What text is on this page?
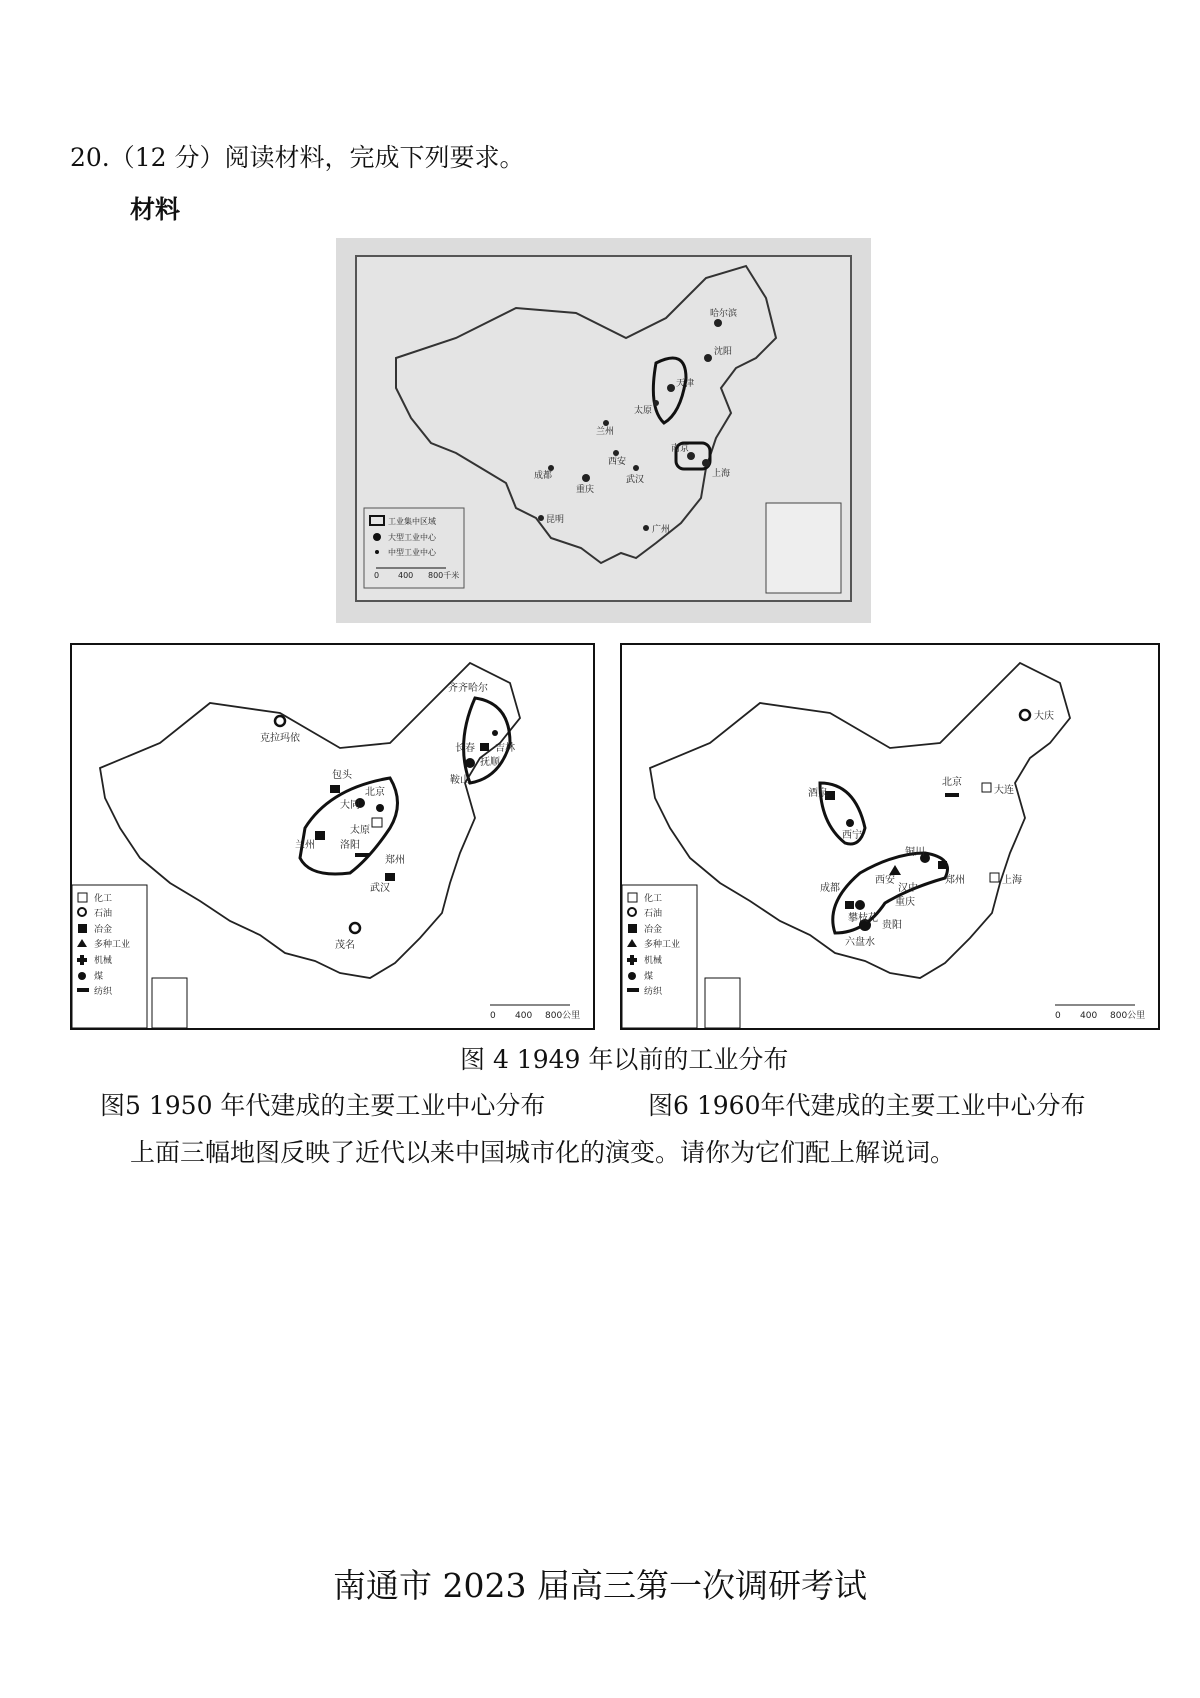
20.（12 分）阅读材料，完成下列要求。
材料
哈尔滨
沈阳
天津
太原
兰州
西安
南京
上海
武汉
重庆
成都
昆明
广州
工业集中区域
大型工业中心
中型工业中心
0 400 800千米
克拉玛依
齐齐哈尔
吉林
长春
包头
北京
大同
太原
洛阳
兰州
郑州
武汉
茂名
抚顺
鞍山
化工
石油
冶金
多种工业
机械
煤
纺织
0 400 800公里
大庆
北京
大连
酒泉
西宁
西安
铜川
郑州
汉中
成都
攀枝花
重庆
贵阳
六盘水
上海
化工
石油
冶金
多种工业
机械
煤
纺织
0 400 800公里
图 4 1949 年以前的工业分布
图5 1950 年代建成的主要工业中心分布	图6 1960年代建成的主要工业中心分布
上面三幅地图反映了近代以来中国城市化的演变。请你为它们配上解说词。
南通市 2023 届高三第一次调研考试
